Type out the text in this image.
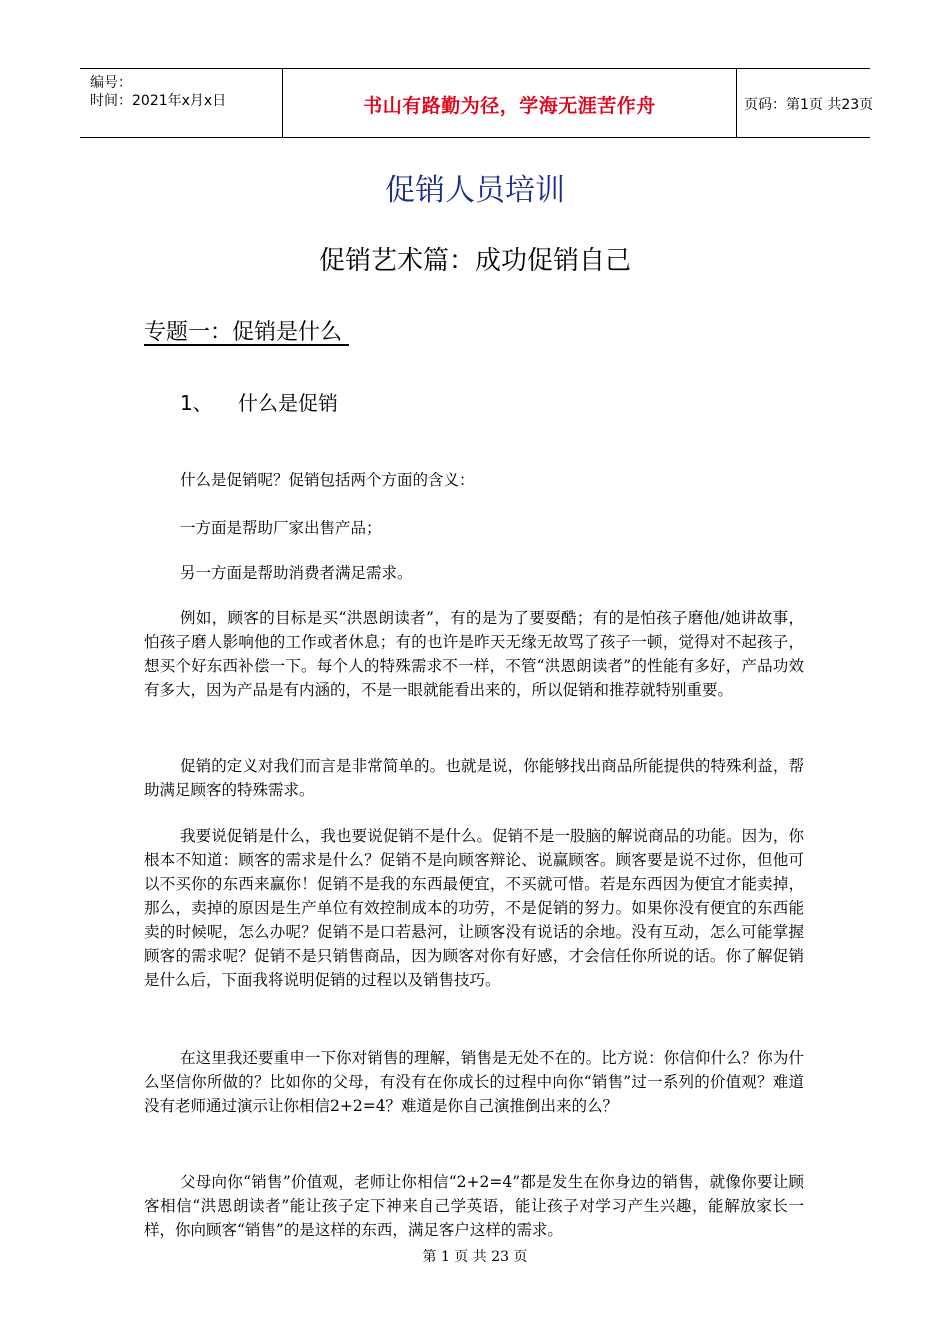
编号：
时间：2021年x月x日	书山有路勤为径，学海无涯苦作舟	页码：第1页 共23页
促销人员培训
促销艺术篇：成功促销自己
专题一：促销是什么
1、 什么是促销

什么是促销呢？促销包括两个方面的含义：

一方面是帮助厂家出售产品；

另一方面是帮助消费者满足需求。

例如，顾客的目标是买“洪恩朗读者”，有的是为了要耍酷；有的是怕孩子磨他/她讲故事，怕孩子磨人影响他的工作或者休息；有的也许是昨天无缘无故骂了孩子一顿，觉得对不起孩子，想买个好东西补偿一下。每个人的特殊需求不一样，不管“洪恩朗读者”的性能有多好，产品功效有多大，因为产品是有内涵的，不是一眼就能看出来的，所以促销和推荐就特别重要。

促销的定义对我们而言是非常简单的。也就是说，你能够找出商品所能提供的特殊利益，帮助满足顾客的特殊需求。

我要说促销是什么，我也要说促销不是什么。促销不是一股脑的解说商品的功能。因为，你根本不知道：顾客的需求是什么？促销不是向顾客辩论、说赢顾客。顾客要是说不过你，但他可以不买你的东西来赢你！促销不是我的东西最便宜，不买就可惜。若是东西因为便宜才能卖掉，那么，卖掉的原因是生产单位有效控制成本的功劳，不是促销的努力。如果你没有便宜的东西能卖的时候呢，怎么办呢？促销不是口若悬河，让顾客没有说话的余地。没有互动，怎么可能掌握顾客的需求呢？促销不是只销售商品，因为顾客对你有好感，才会信任你所说的话。你了解促销是什么后，下面我将说明促销的过程以及销售技巧。

在这里我还要重申一下你对销售的理解，销售是无处不在的。比方说：你信仰什么？你为什么坚信你所做的？比如你的父母，有没有在你成长的过程中向你“销售”过一系列的价值观？难道没有老师通过演示让你相信2+2=4？难道是你自己演推倒出来的么？

父母向你“销售”价值观，老师让你相信“2+2=4”都是发生在你身边的销售，就像你要让顾客相信“洪恩朗读者”能让孩子定下神来自己学英语，能让孩子对学习产生兴趣，能解放家长一样，你向顾客“销售”的是这样的东西，满足客户这样的需求。

第 1 页 共 23 页
